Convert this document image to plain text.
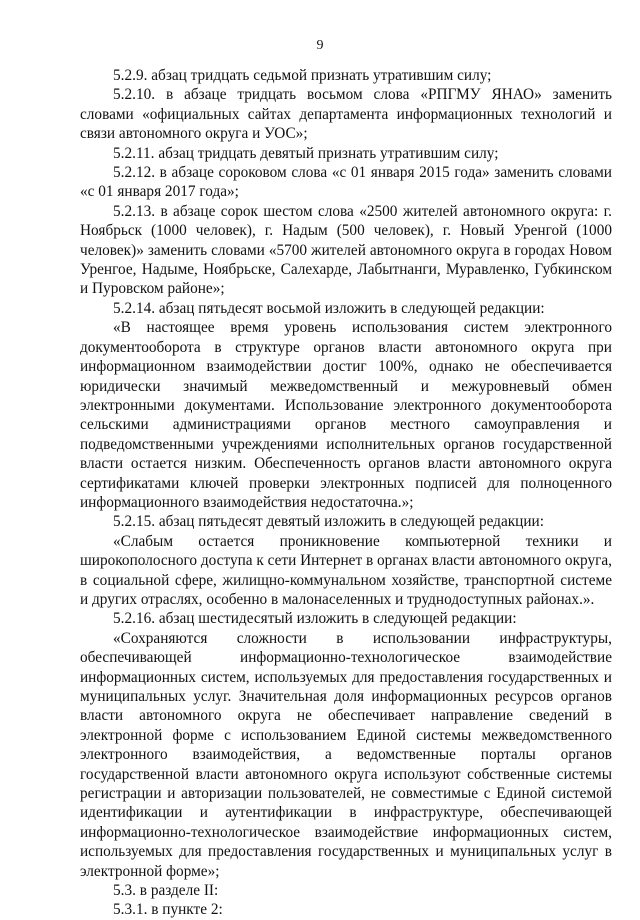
9

5.2.9. абзац тридцать седьмой признать утратившим силу;

5.2.10. в абзаце тридцать восьмом слова «РПГМУ ЯНАО» заменить словами «официальных сайтах департамента информационных технологий и связи автономного округа и УОС»;

5.2.11. абзац тридцать девятый признать утратившим силу;

5.2.12. в абзаце сороковом слова «с 01 января 2015 года» заменить словами «с 01 января 2017 года»;

5.2.13. в абзаце сорок шестом слова «2500 жителей автономного округа: г. Ноябрьск (1000 человек), г. Надым (500 человек), г. Новый Уренгой (1000 человек)» заменить словами «5700 жителей автономного округа в городах Новом Уренгое, Надыме, Ноябрьске, Салехарде, Лабытнанги, Муравленко, Губкинском и Пуровском районе»;

5.2.14. абзац пятьдесят восьмой изложить в следующей редакции:

«В настоящее время уровень использования систем электронного документооборота в структуре органов власти автономного округа при информационном взаимодействии достиг 100%, однако не обеспечивается юридически значимый межведомственный и межуровневый обмен электронными документами. Использование электронного документооборота сельскими администрациями органов местного самоуправления и подведомственными учреждениями исполнительных органов государственной власти остается низким. Обеспеченность органов власти автономного округа сертификатами ключей проверки электронных подписей для полноценного информационного взаимодействия недостаточна.»;

5.2.15. абзац пятьдесят девятый изложить в следующей редакции:

«Слабым остается проникновение компьютерной техники и широкополосного доступа к сети Интернет в органах власти автономного округа, в социальной сфере, жилищно-коммунальном хозяйстве, транспортной системе и других отраслях, особенно в малонаселенных и труднодоступных районах.».

5.2.16. абзац шестидесятый изложить в следующей редакции:

«Сохраняются сложности в использовании инфраструктуры, обеспечивающей информационно-технологическое взаимодействие информационных систем, используемых для предоставления государственных и муниципальных услуг. Значительная доля информационных ресурсов органов власти автономного округа не обеспечивает направление сведений в электронной форме с использованием Единой системы межведомственного электронного взаимодействия, а ведомственные порталы органов государственной власти автономного округа используют собственные системы регистрации и авторизации пользователей, не совместимые с Единой системой идентификации и аутентификации в инфраструктуре, обеспечивающей информационно-технологическое взаимодействие информационных систем, используемых для предоставления государственных и муниципальных услуг в электронной форме»;

5.3. в разделе II:

5.3.1. в пункте 2:
